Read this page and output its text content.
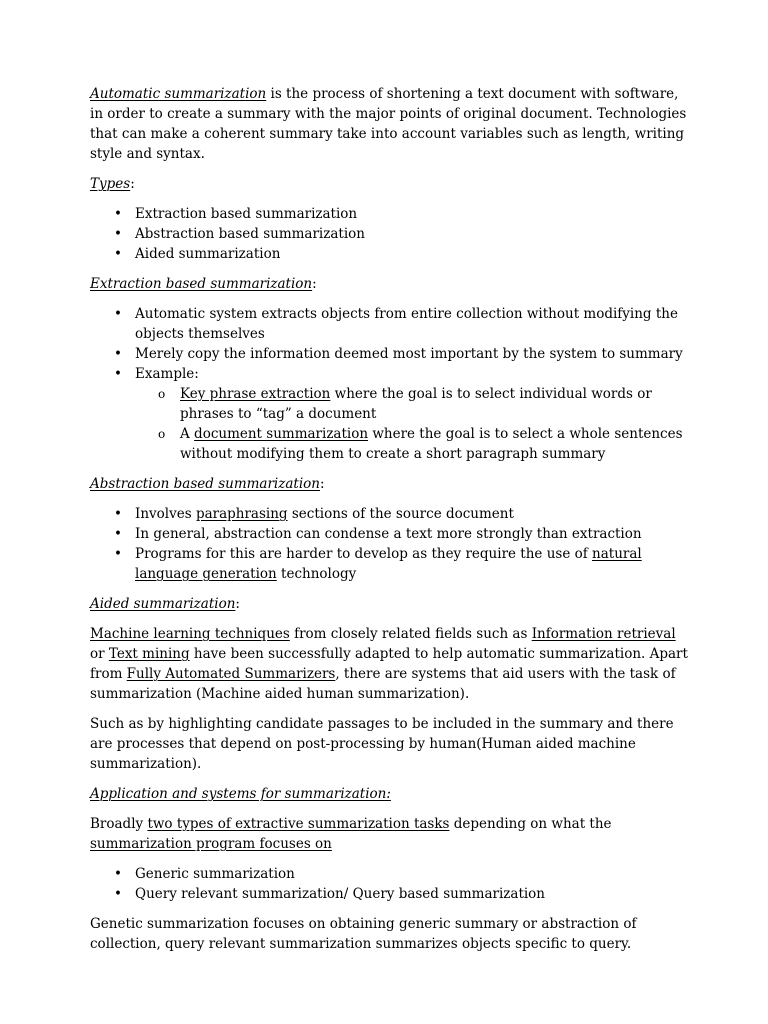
Automatic summarization is the process of shortening a text document with software, in order to create a summary with the major points of original document. Technologies that can make a coherent summary take into account variables such as length, writing style and syntax.

Types:

• Extraction based summarization
• Abstraction based summarization
• Aided summarization

Extraction based summarization:

• Automatic system extracts objects from entire collection without modifying the objects themselves
• Merely copy the information deemed most important by the system to summary
• Example:
o Key phrase extraction where the goal is to select individual words or phrases to “tag” a document
o A document summarization where the goal is to select a whole sentences without modifying them to create a short paragraph summary

Abstraction based summarization:

• Involves paraphrasing sections of the source document
• In general, abstraction can condense a text more strongly than extraction
• Programs for this are harder to develop as they require the use of natural language generation technology

Aided summarization:

Machine learning techniques from closely related fields such as Information retrieval or Text mining have been successfully adapted to help automatic summarization. Apart from Fully Automated Summarizers, there are systems that aid users with the task of summarization (Machine aided human summarization).

Such as by highlighting candidate passages to be included in the summary and there are processes that depend on post-processing by human(Human aided machine summarization).

Application and systems for summarization:

Broadly two types of extractive summarization tasks depending on what the summarization program focuses on

• Generic summarization
• Query relevant summarization/ Query based summarization

Genetic summarization focuses on obtaining generic summary or abstraction of collection, query relevant summarization summarizes objects specific to query.
